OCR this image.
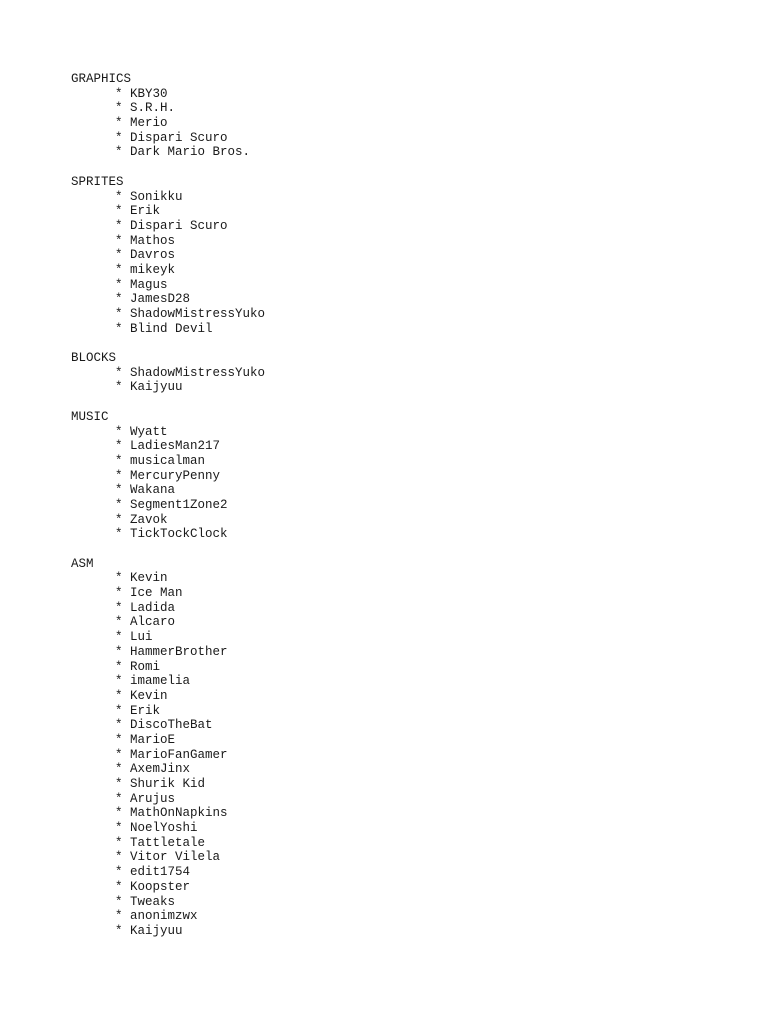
GRAPHICS
* KBY30
* S.R.H.
* Merio
* Dispari Scuro
* Dark Mario Bros.
SPRITES
* Sonikku
* Erik
* Dispari Scuro
* Mathos
* Davros
* mikeyk
* Magus
* JamesD28
* ShadowMistressYuko
* Blind Devil
BLOCKS
* ShadowMistressYuko
* Kaijyuu
MUSIC
* Wyatt
* LadiesMan217
* musicalman
* MercuryPenny
* Wakana
* Segment1Zone2
* Zavok
* TickTockClock
ASM
* Kevin
* Ice Man
* Ladida
* Alcaro
* Lui
* HammerBrother
* Romi
* imamelia
* Kevin
* Erik
* DiscoTheBat
* MarioE
* MarioFanGamer
* AxemJinx
* Shurik Kid
* Arujus
* MathOnNapkins
* NoelYoshi
* Tattletale
* Vitor Vilela
* edit1754
* Koopster
* Tweaks
* anonimzwx
* Kaijyuu
